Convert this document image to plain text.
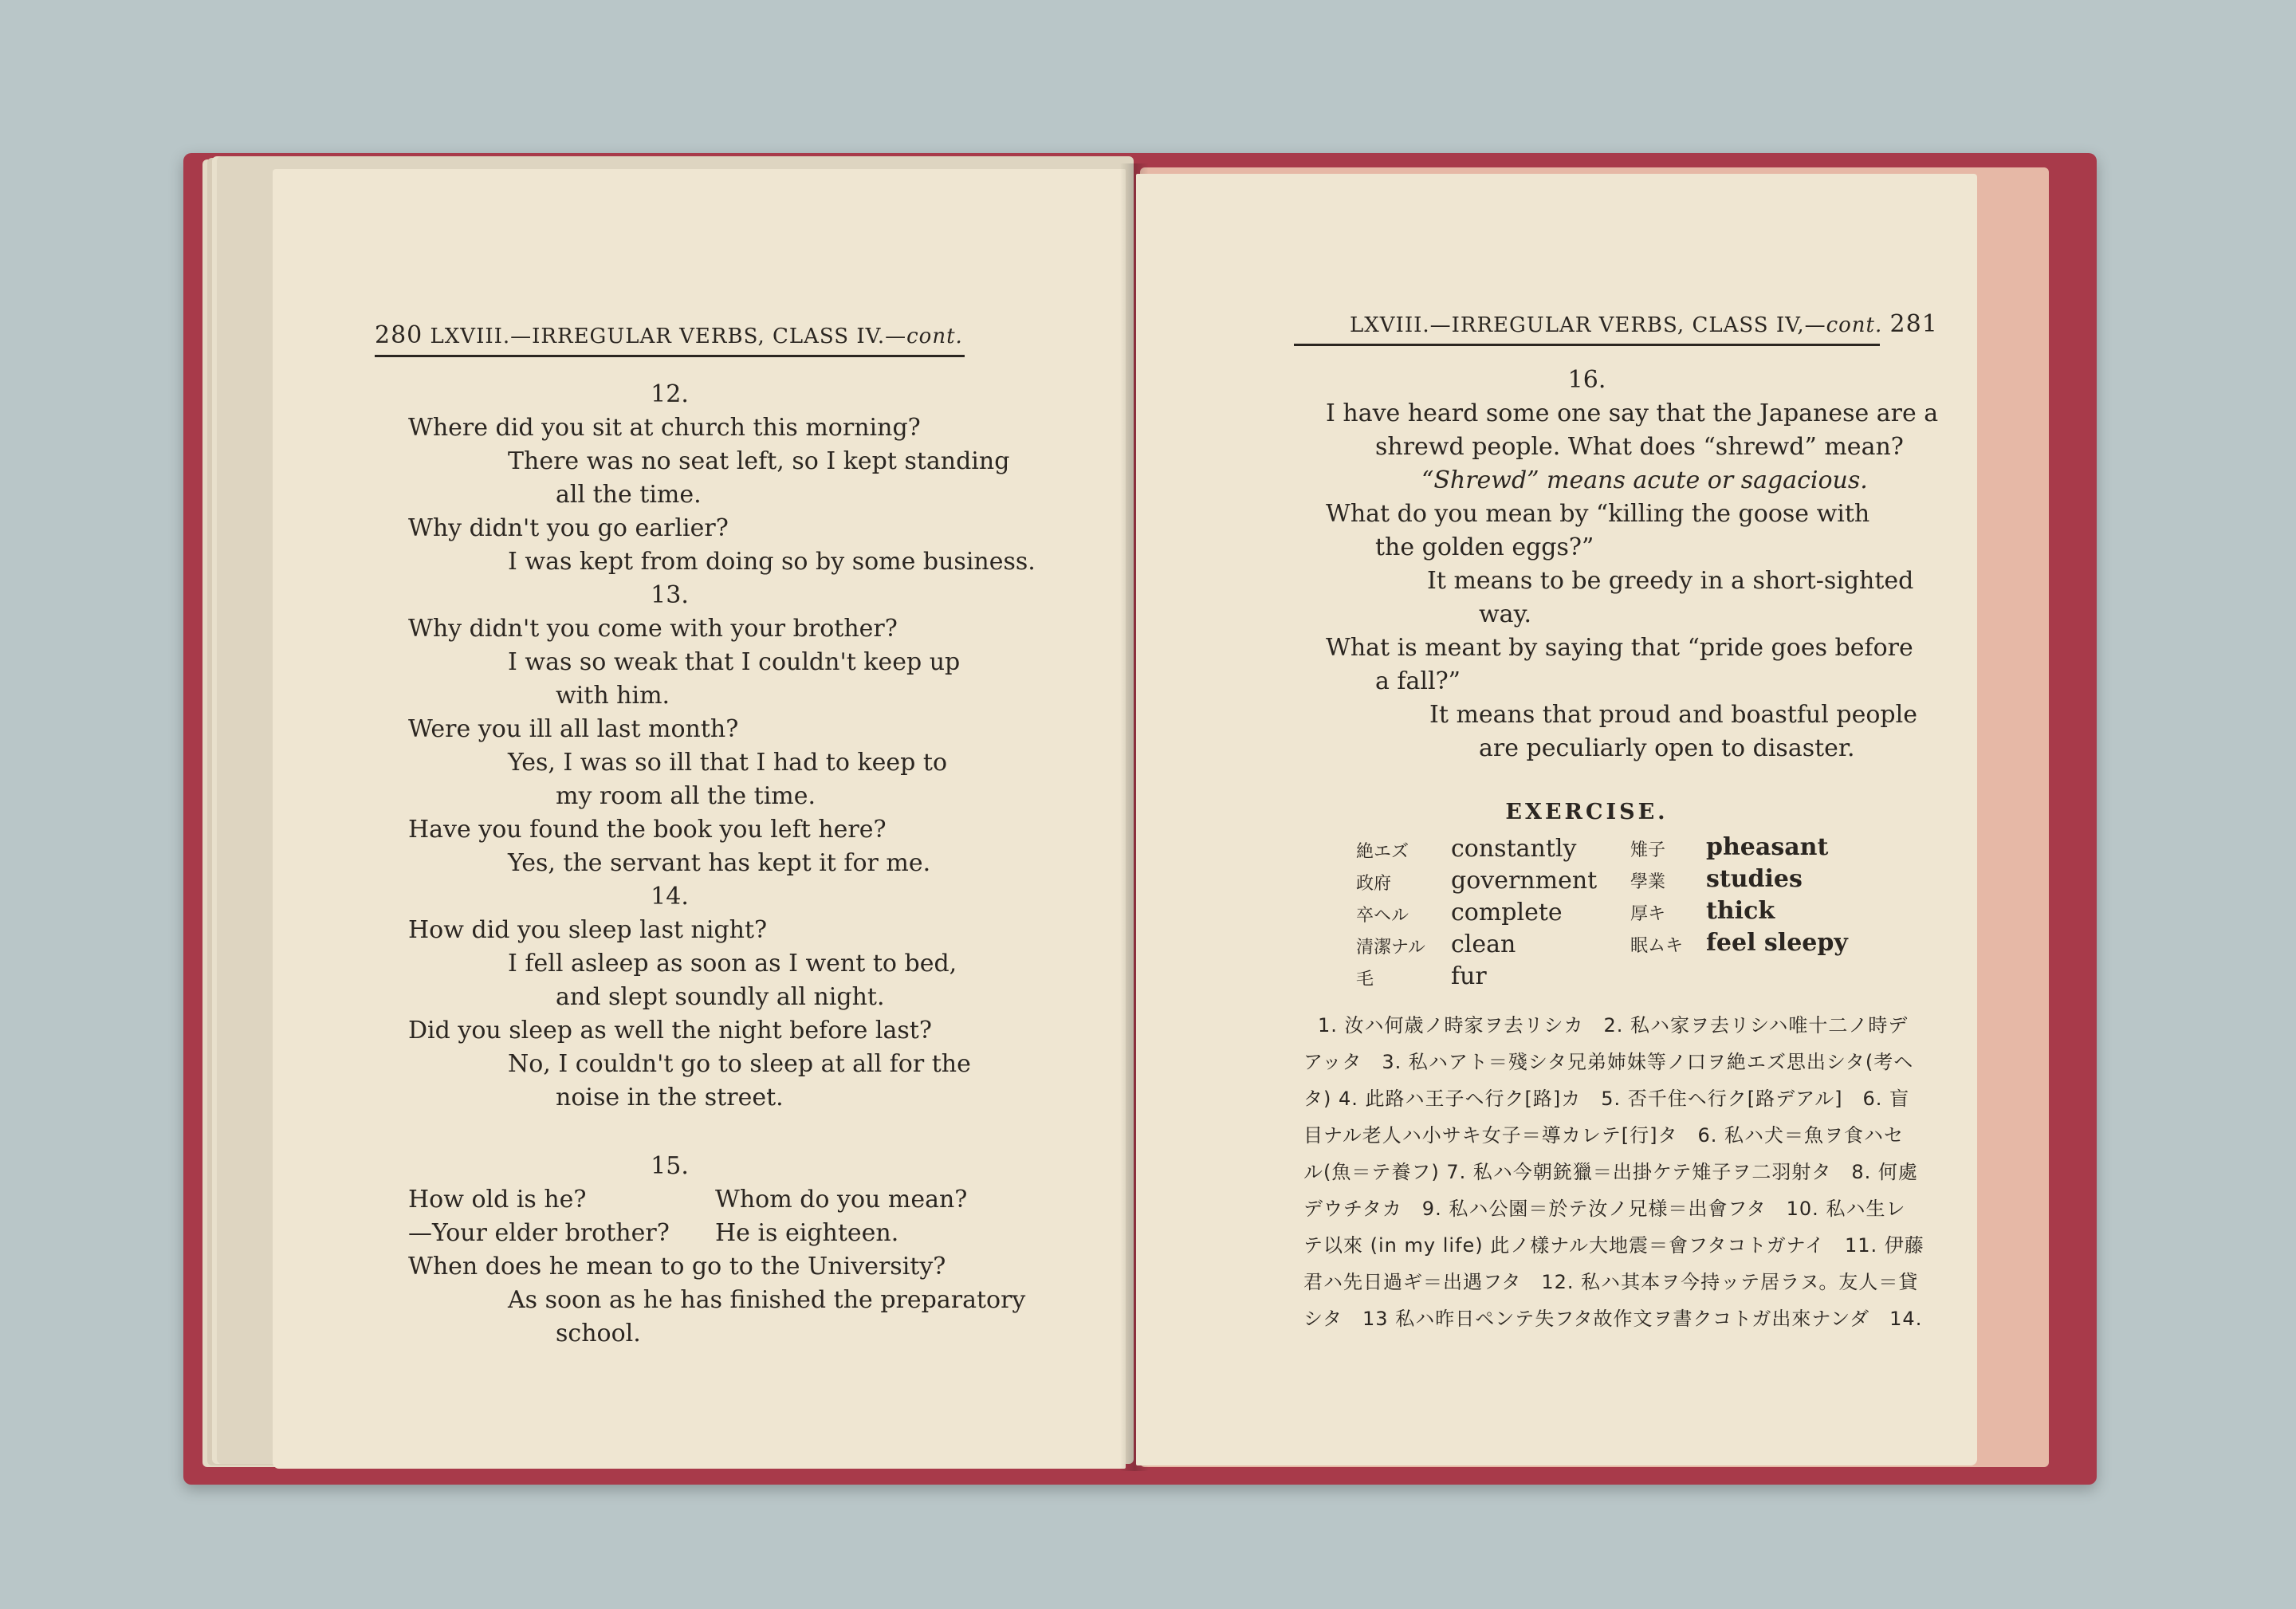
280 LXVIII.—IRREGULAR VERBS, CLASS IV.—cont.
12.
Where did you sit at church this morning?
There was no seat left, so I kept standing
all the time.
Why didn't you go earlier?
I was kept from doing so by some business.
13.
Why didn't you come with your brother?
I was so weak that I couldn't keep up
with him.
Were you ill all last month?
Yes, I was so ill that I had to keep to
my room all the time.
Have you found the book you left here?
Yes, the servant has kept it for me.
14.
How did you sleep last night?
I fell asleep as soon as I went to bed,
and slept soundly all night.
Did you sleep as well the night before last?
No, I couldn't go to sleep at all for the
noise in the street.
15.
How old is he?	Whom do you mean?
—Your elder brother? He is eighteen.
When does he mean to go to the University?
As soon as he has finished the preparatory
school.
LXVIII.—IRREGULAR VERBS, CLASS IV,—cont. 281
16.
I have heard some one say that the Japanese are a
shrewd people. What does “shrewd” mean?
“Shrewd” means acute or sagacious.
What do you mean by “killing the goose with
the golden eggs?”
It means to be greedy in a short-sighted
way.
What is meant by saying that “pride goes before
a fall?”
It means that proud and boastful people
are peculiarly open to disaster.
EXERCISE.
絶エズ constantly
政府 government
卒ヘル complete
清潔ナル clean
毛	fur
雉子 pheasant
學業 studies
厚キ thick
眠ムキ feel sleepy
1. 汝ハ何歳ノ時家ヲ去リシカ　2. 私ハ家ヲ去リシハ唯十二ノ時デ
アッタ　3. 私ハアト＝殘シタ兄弟姉妹等ノ口ヲ絶エズ思出シタ(考ヘ
タ) 4. 此路ハ王子ヘ行ク[路]カ　5. 否千住ヘ行ク[路デアル]　6. 盲
目ナル老人ハ小サキ女子＝導カレテ[行]タ　6. 私ハ犬＝魚ヲ食ハセ
ル(魚＝テ養フ) 7. 私ハ今朝銃獵＝出掛ケテ雉子ヲ二羽射タ　8. 何處
デウチタカ　9. 私ハ公園＝於テ汝ノ兄様＝出會フタ　10. 私ハ生レ
テ以來 (in my life) 此ノ樣ナル大地震＝會フタコトガナイ　11. 伊藤
君ハ先日過ギ＝出遇フタ　12. 私ハ其本ヲ今持ッテ居ラヌ。友人＝貸
シタ　13 私ハ昨日ペンテ失フタ故作文ヲ書クコトガ出來ナンダ　14.
